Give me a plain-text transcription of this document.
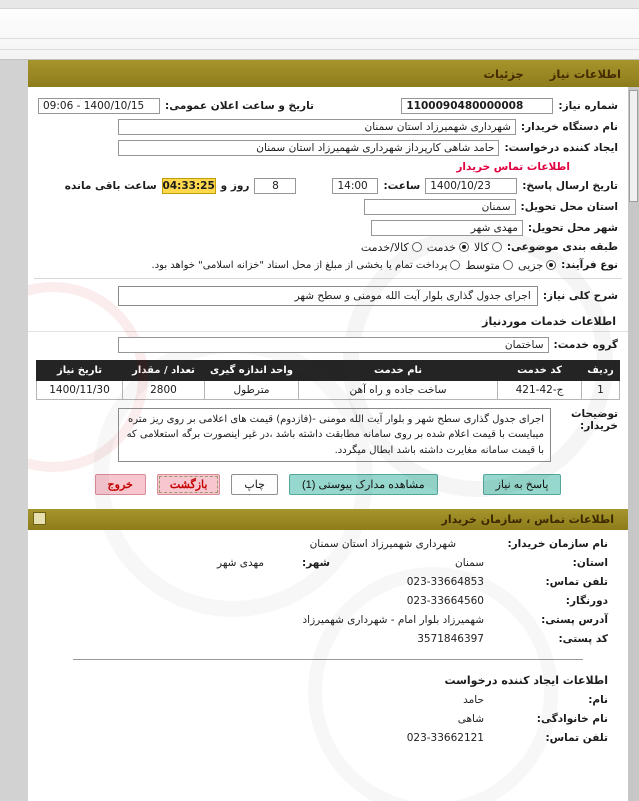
اطلاعات نیاز
جزئیات
شماره نیاز:
1100090480000008
تاریخ و ساعت اعلان عمومی:
09:06 - 1400/10/15
نام دستگاه خریدار:
شهرداری شهمیرزاد استان سمنان
ایجاد کننده درخواست:
حامد شاهی کارپرداز شهرداری شهمیرزاد استان سمنان
اطلاعات تماس خریدار
تاریخ ارسال پاسخ:
1400/10/23
ساعت:
14:00
8
روز و
04:33:25
ساعت باقی مانده
استان محل تحویل:
سمنان
شهر محل تحویل:
مهدی شهر
طبقه بندی موضوعی:
کالا
خدمت
کالا/خدمت
نوع فرآیند:
جزیی
متوسط
پرداخت تمام یا بخشی از مبلغ از محل اسناد "خزانه اسلامی" خواهد بود.
شرح کلی نیاز:
اجرای جدول گذاری بلوار آیت الله مومنی و سطح شهر
اطلاعات خدمات موردنیاز
گروه خدمت:
ساختمان
ردیف	کد خدمت	نام خدمت	واحد اندازه گیری	تعداد / مقدار	تاریخ نیاز
1	ج-42-421	ساخت جاده و راه آهن	مترطول	2800	1400/11/30
توضیحات خریدار:
اجرای جدول گذاری سطح شهر و بلوار آیت الله مومنی -(فازدوم) قیمت های اعلامی بر روی ریز متره میبایست با قیمت اعلام شده بر روی سامانه مطابقت داشته باشد ،در غیر اینصورت برگه استعلامی که با قیمت سامانه مغایرت داشته باشد ابطال میگردد.
پاسخ به نیاز
مشاهده مدارک پیوستی (1)
چاپ
بازگشت
خروج
اطلاعات تماس ، سازمان خریدار
نام سازمان خریدار:
شهرداری شهمیرزاد استان سمنان
استان:
سمنان
شهر:
مهدی شهر
تلفن تماس:
023-33664853
دورنگار:
023-33664560
آدرس پستی:
شهمیرزاد بلوار امام - شهرداری شهمیرزاد
کد پستی:
3571846397
اطلاعات ایجاد کننده درخواست
نام:
حامد
نام خانوادگی:
شاهی
تلفن تماس:
023-33662121
